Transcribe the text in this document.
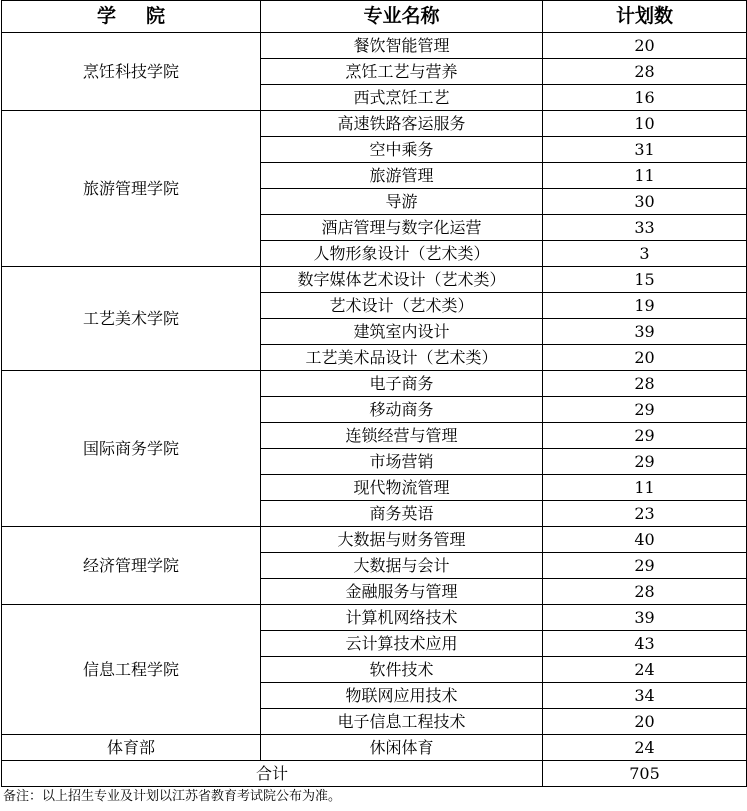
学院	专业名称	计划数
烹饪科技学院	餐饮智能管理	20
	烹饪工艺与营养	28
	西式烹饪工艺	16
旅游管理学院	高速铁路客运服务	10
	空中乘务	31
	旅游管理	11
	导游	30
	酒店管理与数字化运营	33
	人物形象设计（艺术类）	3
工艺美术学院	数字媒体艺术设计（艺术类）	15
	艺术设计（艺术类）	19
	建筑室内设计	39
	工艺美术品设计（艺术类）	20
国际商务学院	电子商务	28
	移动商务	29
	连锁经营与管理	29
	市场营销	29
	现代物流管理	11
	商务英语	23
经济管理学院	大数据与财务管理	40
	大数据与会计	29
	金融服务与管理	28
信息工程学院	计算机网络技术	39
	云计算技术应用	43
	软件技术	24
	物联网应用技术	34
	电子信息工程技术	20
体育部	休闲体育	24
合计		705
备注：以上招生专业及计划以江苏省教育考试院公布为准。
